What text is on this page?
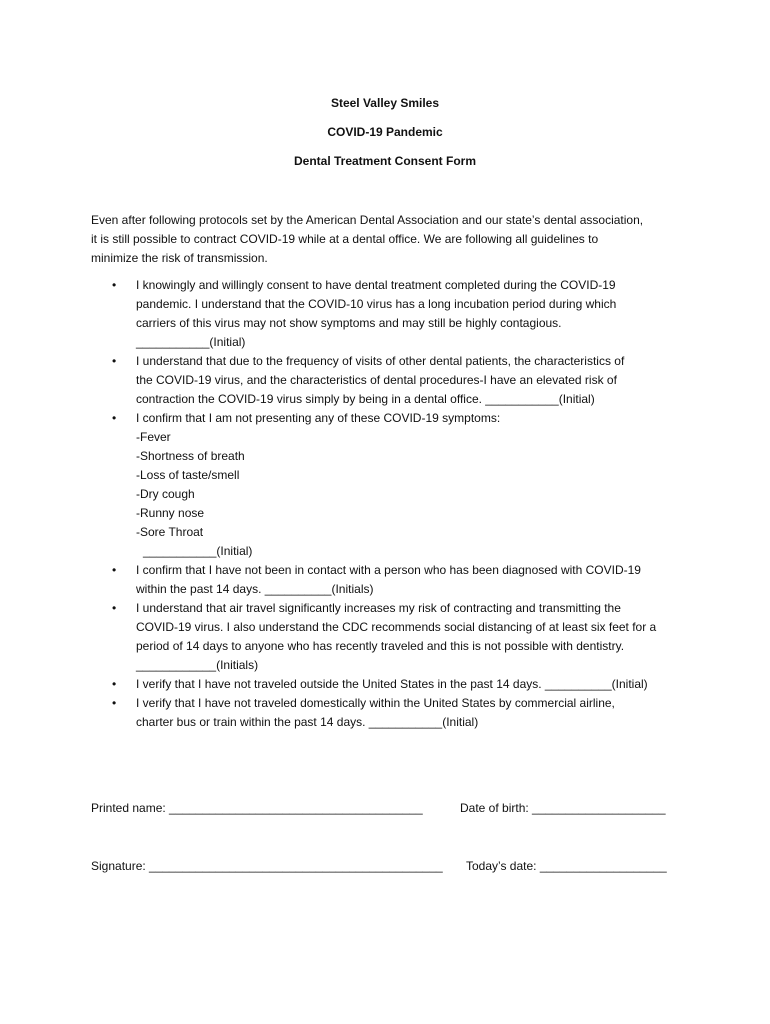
Steel Valley Smiles
COVID-19 Pandemic
Dental Treatment Consent Form
Even after following protocols set by the American Dental Association and our state’s dental association,
it is still possible to contract COVID-19 while at a dental office. We are following all guidelines to
minimize the risk of transmission.
• I knowingly and willingly consent to have dental treatment completed during the COVID-19
pandemic. I understand that the COVID-10 virus has a long incubation period during which
carriers of this virus may not show symptoms and may still be highly contagious.
___________(Initial)
• I understand that due to the frequency of visits of other dental patients, the characteristics of
the COVID-19 virus, and the characteristics of dental procedures-I have an elevated risk of
contraction the COVID-19 virus simply by being in a dental office. ___________(Initial)
• I confirm that I am not presenting any of these COVID-19 symptoms:
-Fever
-Shortness of breath
-Loss of taste/smell
-Dry cough
-Runny nose
-Sore Throat
___________(Initial)
• I confirm that I have not been in contact with a person who has been diagnosed with COVID-19
within the past 14 days. __________(Initials)
• I understand that air travel significantly increases my risk of contracting and transmitting the
COVID-19 virus. I also understand the CDC recommends social distancing of at least six feet for a
period of 14 days to anyone who has recently traveled and this is not possible with dentistry.
____________(Initials)
• I verify that I have not traveled outside the United States in the past 14 days. __________(Initial)
• I verify that I have not traveled domestically within the United States by commercial airline,
charter bus or train within the past 14 days. ___________(Initial)
Printed name: ______________________________________	Date of birth: ____________________
Signature: ____________________________________________ Today’s date: ___________________
